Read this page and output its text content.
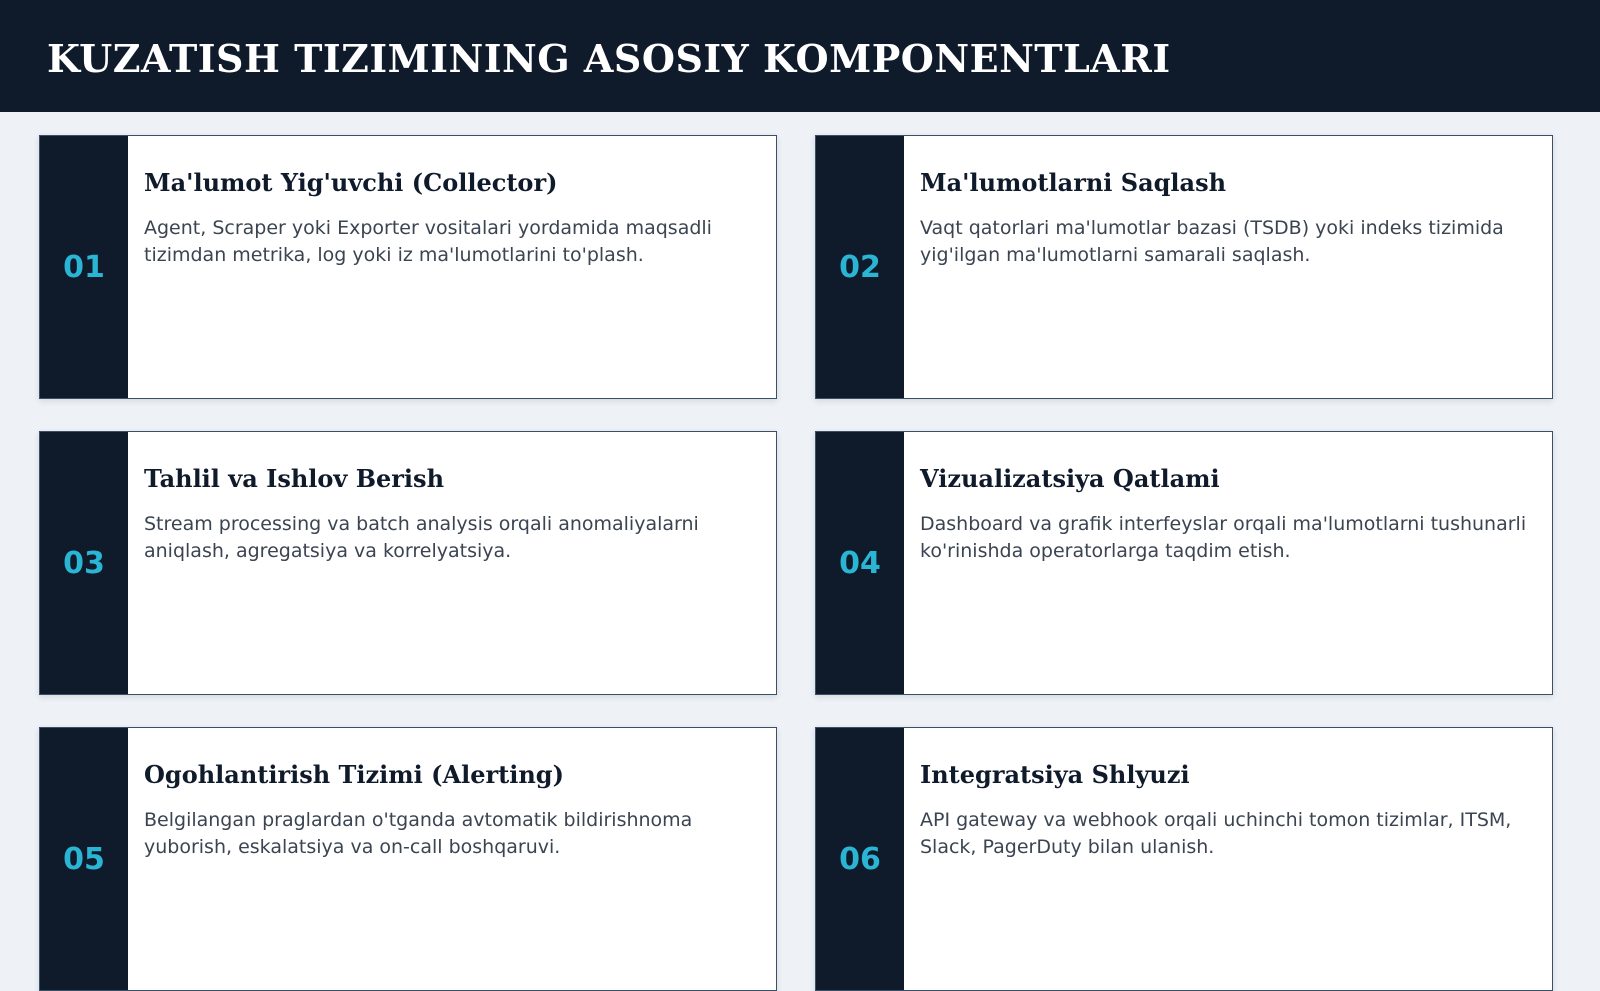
KUZATISH TIZIMINING ASOSIY KOMPONENTLARI
01
Ma'lumot Yig'uvchi (Collector)

Agent, Scraper yoki Exporter vositalari yordamida maqsadli tizimdan metrika, log yoki iz ma'lumotlarini to'plash.	02
Ma'lumotlarni Saqlash

Vaqt qatorlari ma'lumotlar bazasi (TSDB) yoki indeks tizimida yig'ilgan ma'lumotlarni samarali saqlash.

03
Tahlil va Ishlov Berish

Stream processing va batch analysis orqali anomaliyalarni aniqlash, agregatsiya va korrelyatsiya.	04
Vizualizatsiya Qatlami

Dashboard va grafik interfeyslar orqali ma'lumotlarni tushunarli ko'rinishda operatorlarga taqdim etish.

05
Ogohlantirish Tizimi (Alerting)

Belgilangan praglardan o'tganda avtomatik bildirishnoma yuborish, eskalatsiya va on-call boshqaruvi.	06
Integratsiya Shlyuzi

API gateway va webhook orqali uchinchi tomon tizimlar, ITSM, Slack, PagerDuty bilan ulanish.
